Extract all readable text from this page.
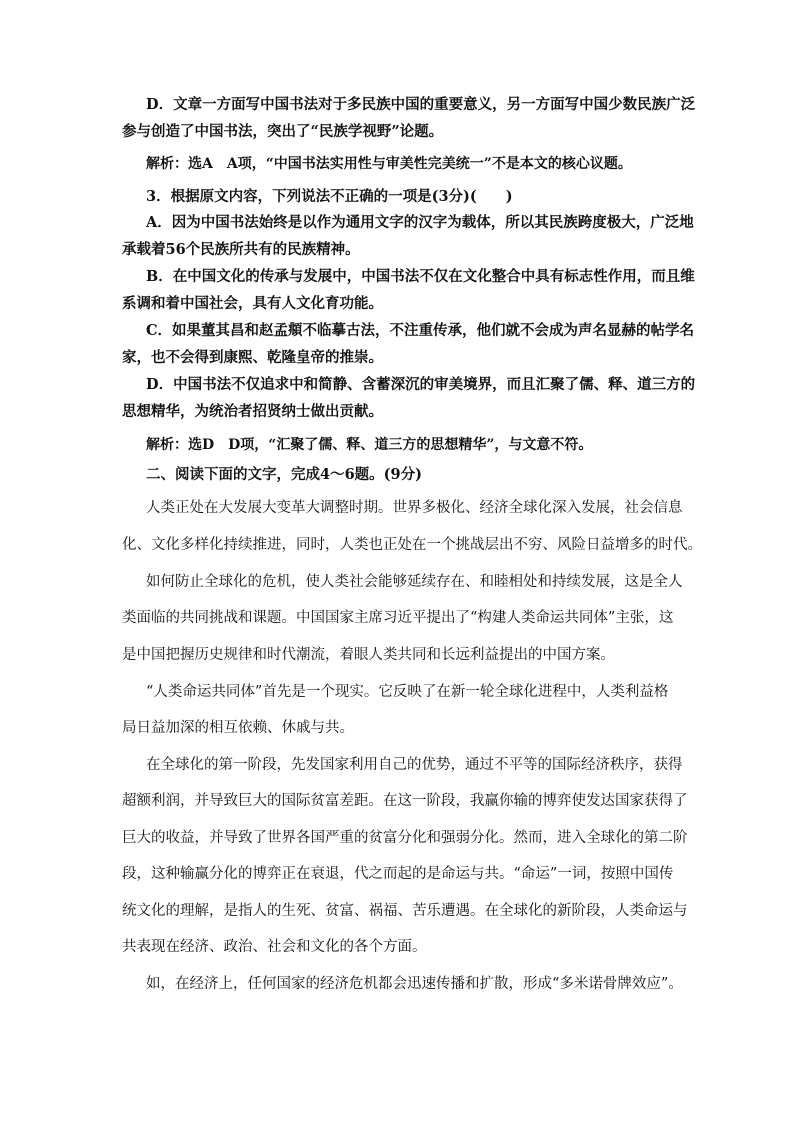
D．文章一方面写中国书法对于多民族中国的重要意义，另一方面写中国少数民族广泛
参与创造了中国书法，突出了“民族学视野”论题。
解析：选A　A项，“中国书法实用性与审美性完美统一”不是本文的核心议题。
3．根据原文内容，下列说法不正确的一项是(3分)(　　)
A．因为中国书法始终是以作为通用文字的汉字为载体，所以其民族跨度极大，广泛地
承载着56个民族所共有的民族精神。
B．在中国文化的传承与发展中，中国书法不仅在文化整合中具有标志性作用，而且维
系调和着中国社会，具有人文化育功能。
C．如果董其昌和赵孟頫不临摹古法，不注重传承，他们就不会成为声名显赫的帖学名
家，也不会得到康熙、乾隆皇帝的推崇。
D．中国书法不仅追求中和简静、含蓄深沉的审美境界，而且汇聚了儒、释、道三方的
思想精华，为统治者招贤纳士做出贡献。
解析：选D　D项，“汇聚了儒、释、道三方的思想精华”，与文意不符。
二、阅读下面的文字，完成4～6题。(9分)
人类正处在大发展大变革大调整时期。世界多极化、经济全球化深入发展，社会信息
化、文化多样化持续推进，同时，人类也正处在一个挑战层出不穷、风险日益增多的时代。
如何防止全球化的危机，使人类社会能够延续存在、和睦相处和持续发展，这是全人
类面临的共同挑战和课题。中国国家主席习近平提出了“构建人类命运共同体”主张，这
是中国把握历史规律和时代潮流，着眼人类共同和长远利益提出的中国方案。
“人类命运共同体”首先是一个现实。它反映了在新一轮全球化进程中，人类利益格
局日益加深的相互依赖、休戚与共。
在全球化的第一阶段，先发国家利用自己的优势，通过不平等的国际经济秩序，获得
超额利润，并导致巨大的国际贫富差距。在这一阶段，我赢你输的博弈使发达国家获得了
巨大的收益，并导致了世界各国严重的贫富分化和强弱分化。然而，进入全球化的第二阶
段，这种输赢分化的博弈正在衰退，代之而起的是命运与共。“命运”一词，按照中国传
统文化的理解，是指人的生死、贫富、祸福、苦乐遭遇。在全球化的新阶段，人类命运与
共表现在经济、政治、社会和文化的各个方面。
如，在经济上，任何国家的经济危机都会迅速传播和扩散，形成“多米诺骨牌效应”。
